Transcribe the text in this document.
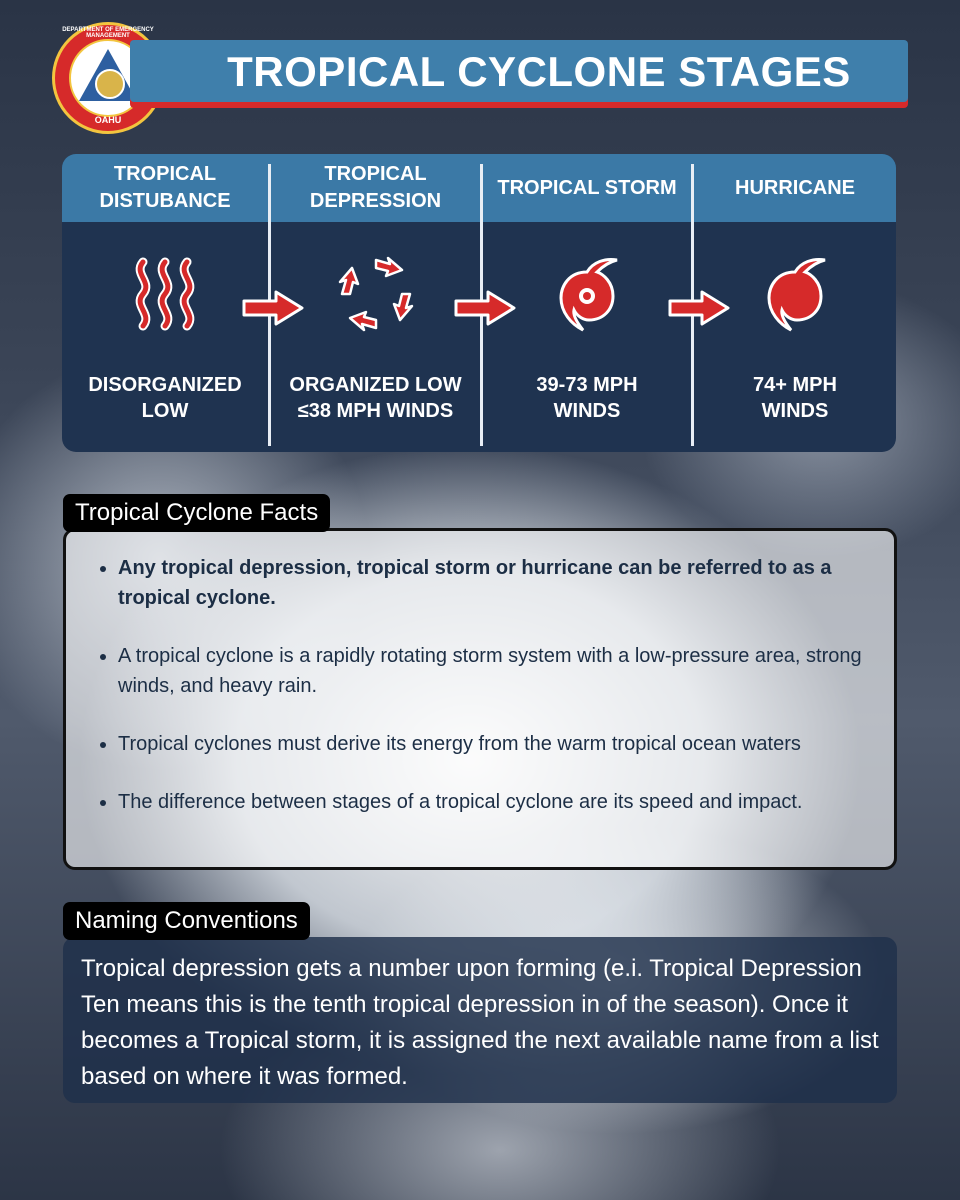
DEPARTMENT OF EMERGENCY MANAGEMENT
OAHU
TROPICAL CYCLONE STAGES
TROPICAL DISTUBANCE
DISORGANIZED
LOW
TROPICAL DEPRESSION
ORGANIZED LOW
≤38 MPH WINDS
TROPICAL STORM
39-73 MPH
WINDS
HURRICANE
74+ MPH
WINDS
• Any tropical depression, tropical storm or hurricane can be referred to as a tropical cyclone.
• A tropical cyclone is a rapidly rotating storm system with a low-pressure area, strong winds, and heavy rain.
• Tropical cyclones must derive its energy from the warm tropical ocean waters
• The difference between stages of a tropical cyclone are its speed and impact.
Tropical Cyclone Facts
Tropical depression gets a number upon forming (e.i. Tropical Depression Ten means this is the tenth tropical depression in of the season). Once it becomes a Tropical storm, it is assigned the next available name from a list based on where it was formed.
Naming Conventions
